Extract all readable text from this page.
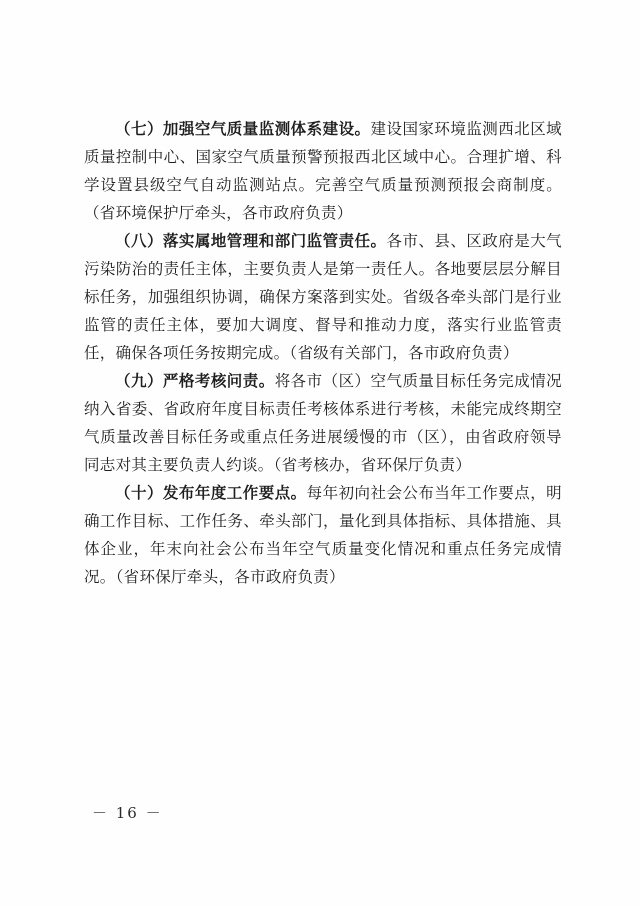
（七）加强空气质量监测体系建设。建设国家环境监测西北区域质量控制中心、国家空气质量预警预报西北区域中心。合理扩增、科学设置县级空气自动监测站点。完善空气质量预测预报会商制度。（省环境保护厅牵头，各市政府负责）

（八）落实属地管理和部门监管责任。各市、县、区政府是大气污染防治的责任主体，主要负责人是第一责任人。各地要层层分解目标任务，加强组织协调，确保方案落到实处。省级各牵头部门是行业监管的责任主体，要加大调度、督导和推动力度，落实行业监管责任，确保各项任务按期完成。（省级有关部门，各市政府负责）

（九）严格考核问责。将各市（区）空气质量目标任务完成情况纳入省委、省政府年度目标责任考核体系进行考核，未能完成终期空气质量改善目标任务或重点任务进展缓慢的市（区），由省政府领导同志对其主要负责人约谈。（省考核办，省环保厅负责）

（十）发布年度工作要点。每年初向社会公布当年工作要点，明确工作目标、工作任务、牵头部门，量化到具体指标、具体措施、具体企业，年末向社会公布当年空气质量变化情况和重点任务完成情况。（省环保厅牵头，各市政府负责）

－ 16 －
